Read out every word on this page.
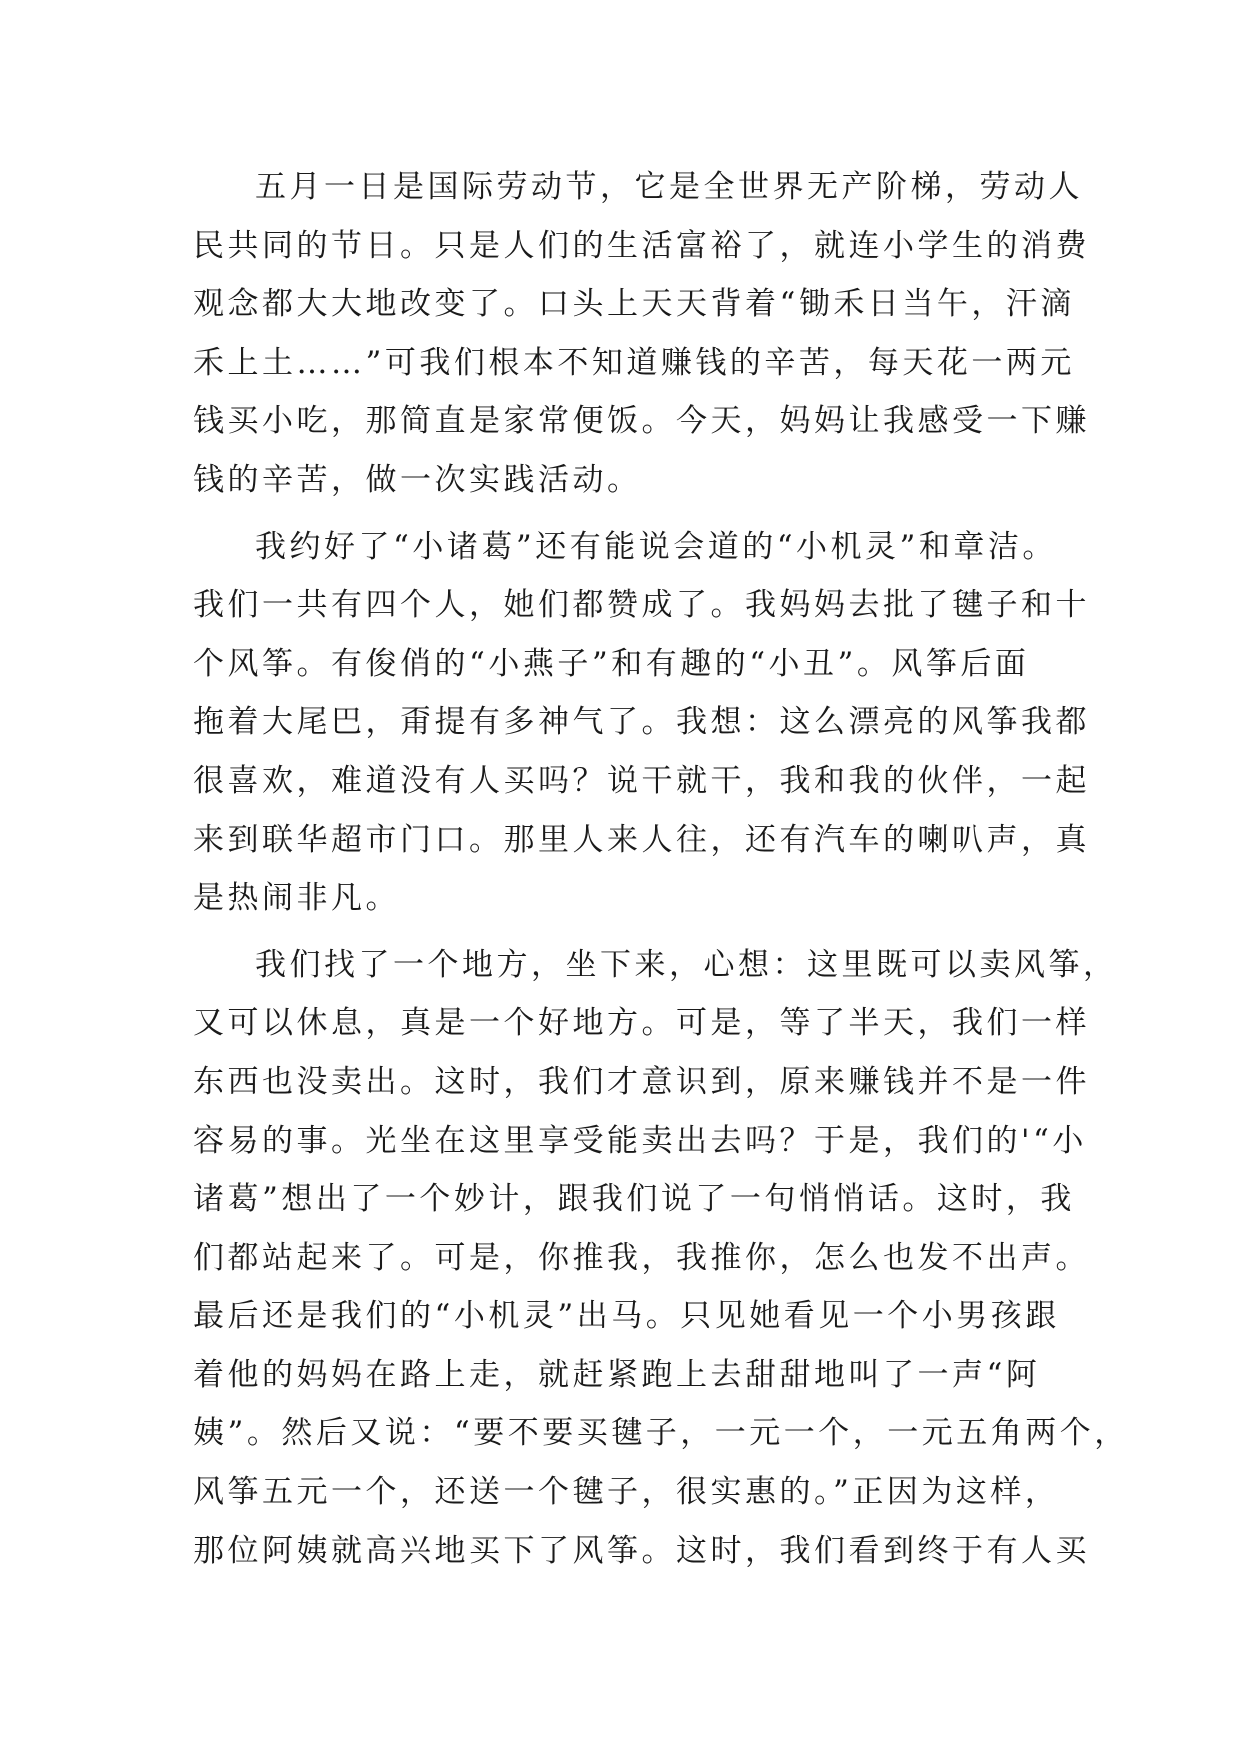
五月一日是国际劳动节，它是全世界无产阶梯，劳动人
民共同的节日。只是人们的生活富裕了，就连小学生的消费
观念都大大地改变了。口头上天天背着“锄禾日当午，汗滴
禾上土……”可我们根本不知道赚钱的辛苦，每天花一两元
钱买小吃，那简直是家常便饭。今天，妈妈让我感受一下赚
钱的辛苦，做一次实践活动。
我约好了“小诸葛”还有能说会道的“小机灵”和章洁。
我们一共有四个人，她们都赞成了。我妈妈去批了毽子和十
个风筝。有俊俏的“小燕子”和有趣的“小丑”。风筝后面
拖着大尾巴，甭提有多神气了。我想：这么漂亮的风筝我都
很喜欢，难道没有人买吗？说干就干，我和我的伙伴，一起
来到联华超市门口。那里人来人往，还有汽车的喇叭声，真
是热闹非凡。
我们找了一个地方，坐下来，心想：这里既可以卖风筝，
又可以休息，真是一个好地方。可是，等了半天，我们一样
东西也没卖出。这时，我们才意识到，原来赚钱并不是一件
容易的事。光坐在这里享受能卖出去吗？于是，我们的'“小
诸葛”想出了一个妙计，跟我们说了一句悄悄话。这时，我
们都站起来了。可是，你推我，我推你，怎么也发不出声。
最后还是我们的“小机灵”出马。只见她看见一个小男孩跟
着他的妈妈在路上走，就赶紧跑上去甜甜地叫了一声“阿
姨”。然后又说：“要不要买毽子，一元一个，一元五角两个，
风筝五元一个，还送一个毽子，很实惠的。”正因为这样，
那位阿姨就高兴地买下了风筝。这时，我们看到终于有人买
